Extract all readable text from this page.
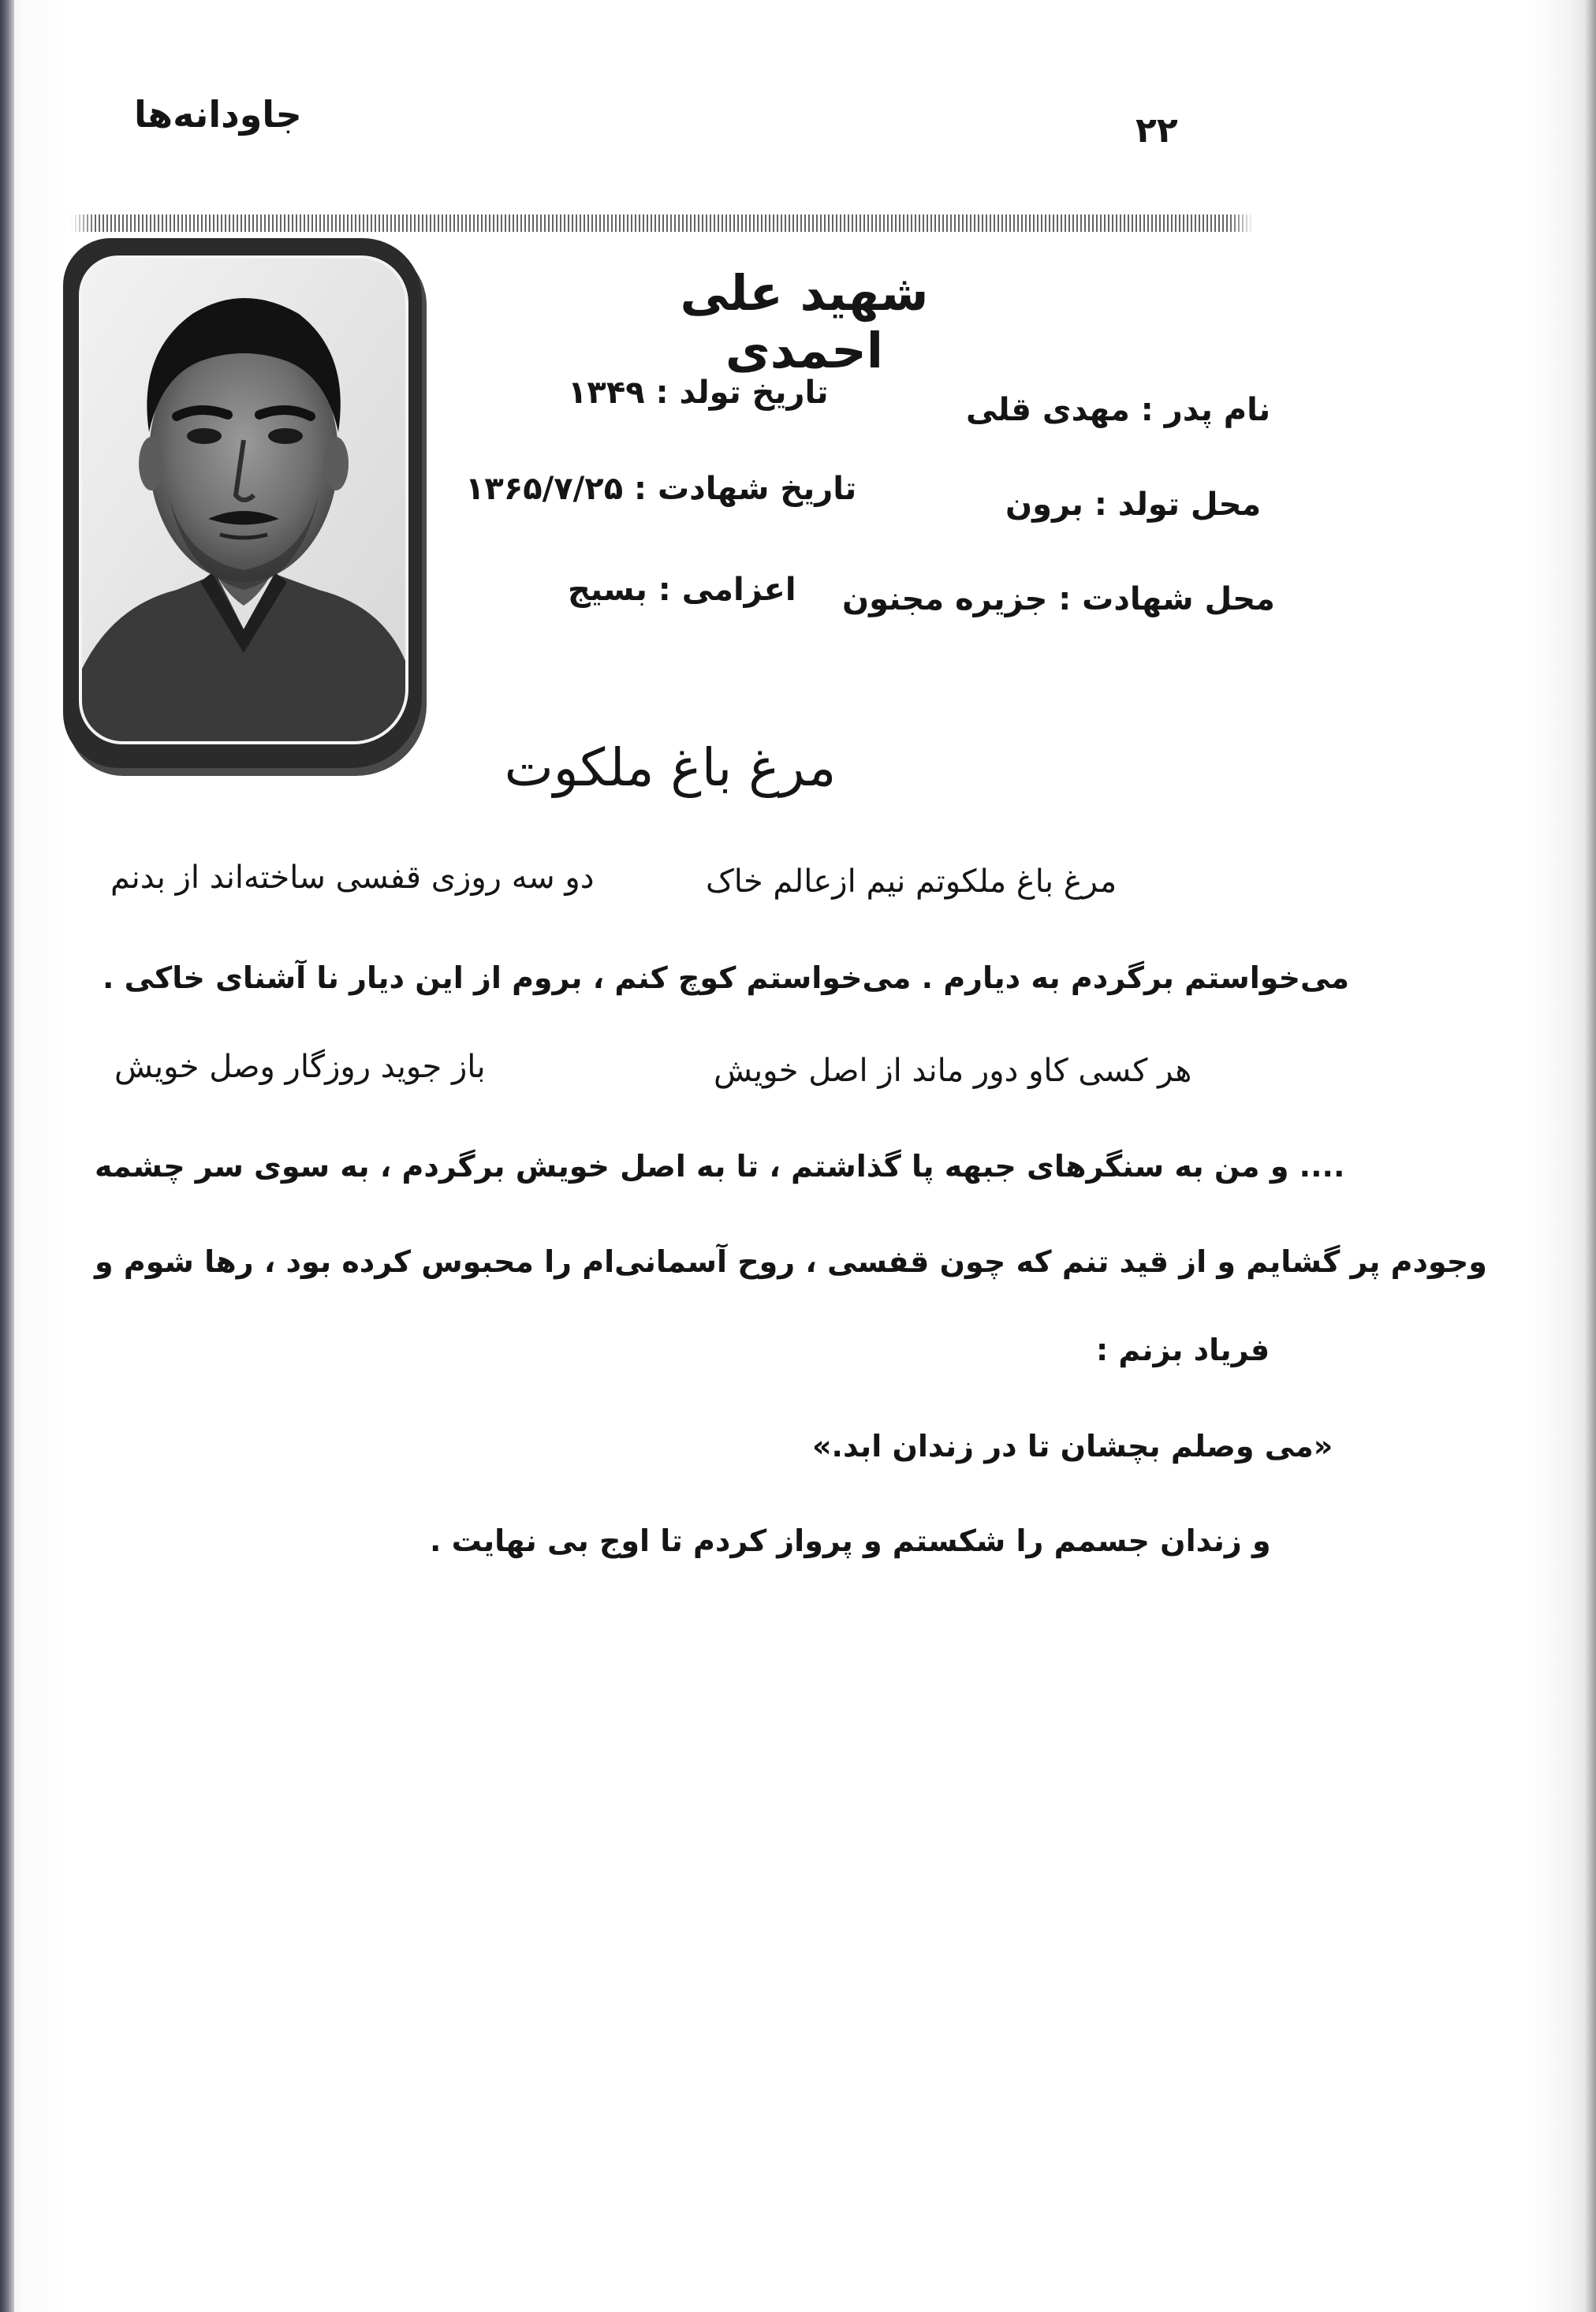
جاودانه‌ها	۲۲
شهید علی احمدی
نام پدر : مهدی قلی
تاریخ تولد : ۱۳۴۹
محل تولد : برون
تاریخ شهادت : ۱۳۶۵/۷/۲۵
محل شهادت : جزیره مجنون
اعزامی : بسیج
مرغ باغ ملکوت
مرغ باغ ملکوتم نیم ازعالم خاک
دو سه روزی قفسی ساخته‌اند از بدنم
می‌خواستم برگردم به دیارم . می‌خواستم کوچ کنم ، بروم از این دیار نا آشنای خاکی .
هر کسی کاو دور ماند از اصل خویش
باز جوید روزگار وصل خویش
.... و من به سنگرهای جبهه پا گذاشتم ، تا به اصل خویش برگردم ، به سوی سر چشمه
وجودم پر گشایم و از قید تنم که چون قفسی ، روح آسمانی‌ام را محبوس کرده بود ، رها شوم و
فریاد بزنم :
«می وصلم بچشان تا در زندان ابد.»
و زندان جسمم را شکستم و پرواز کردم تا اوج بی نهایت .
